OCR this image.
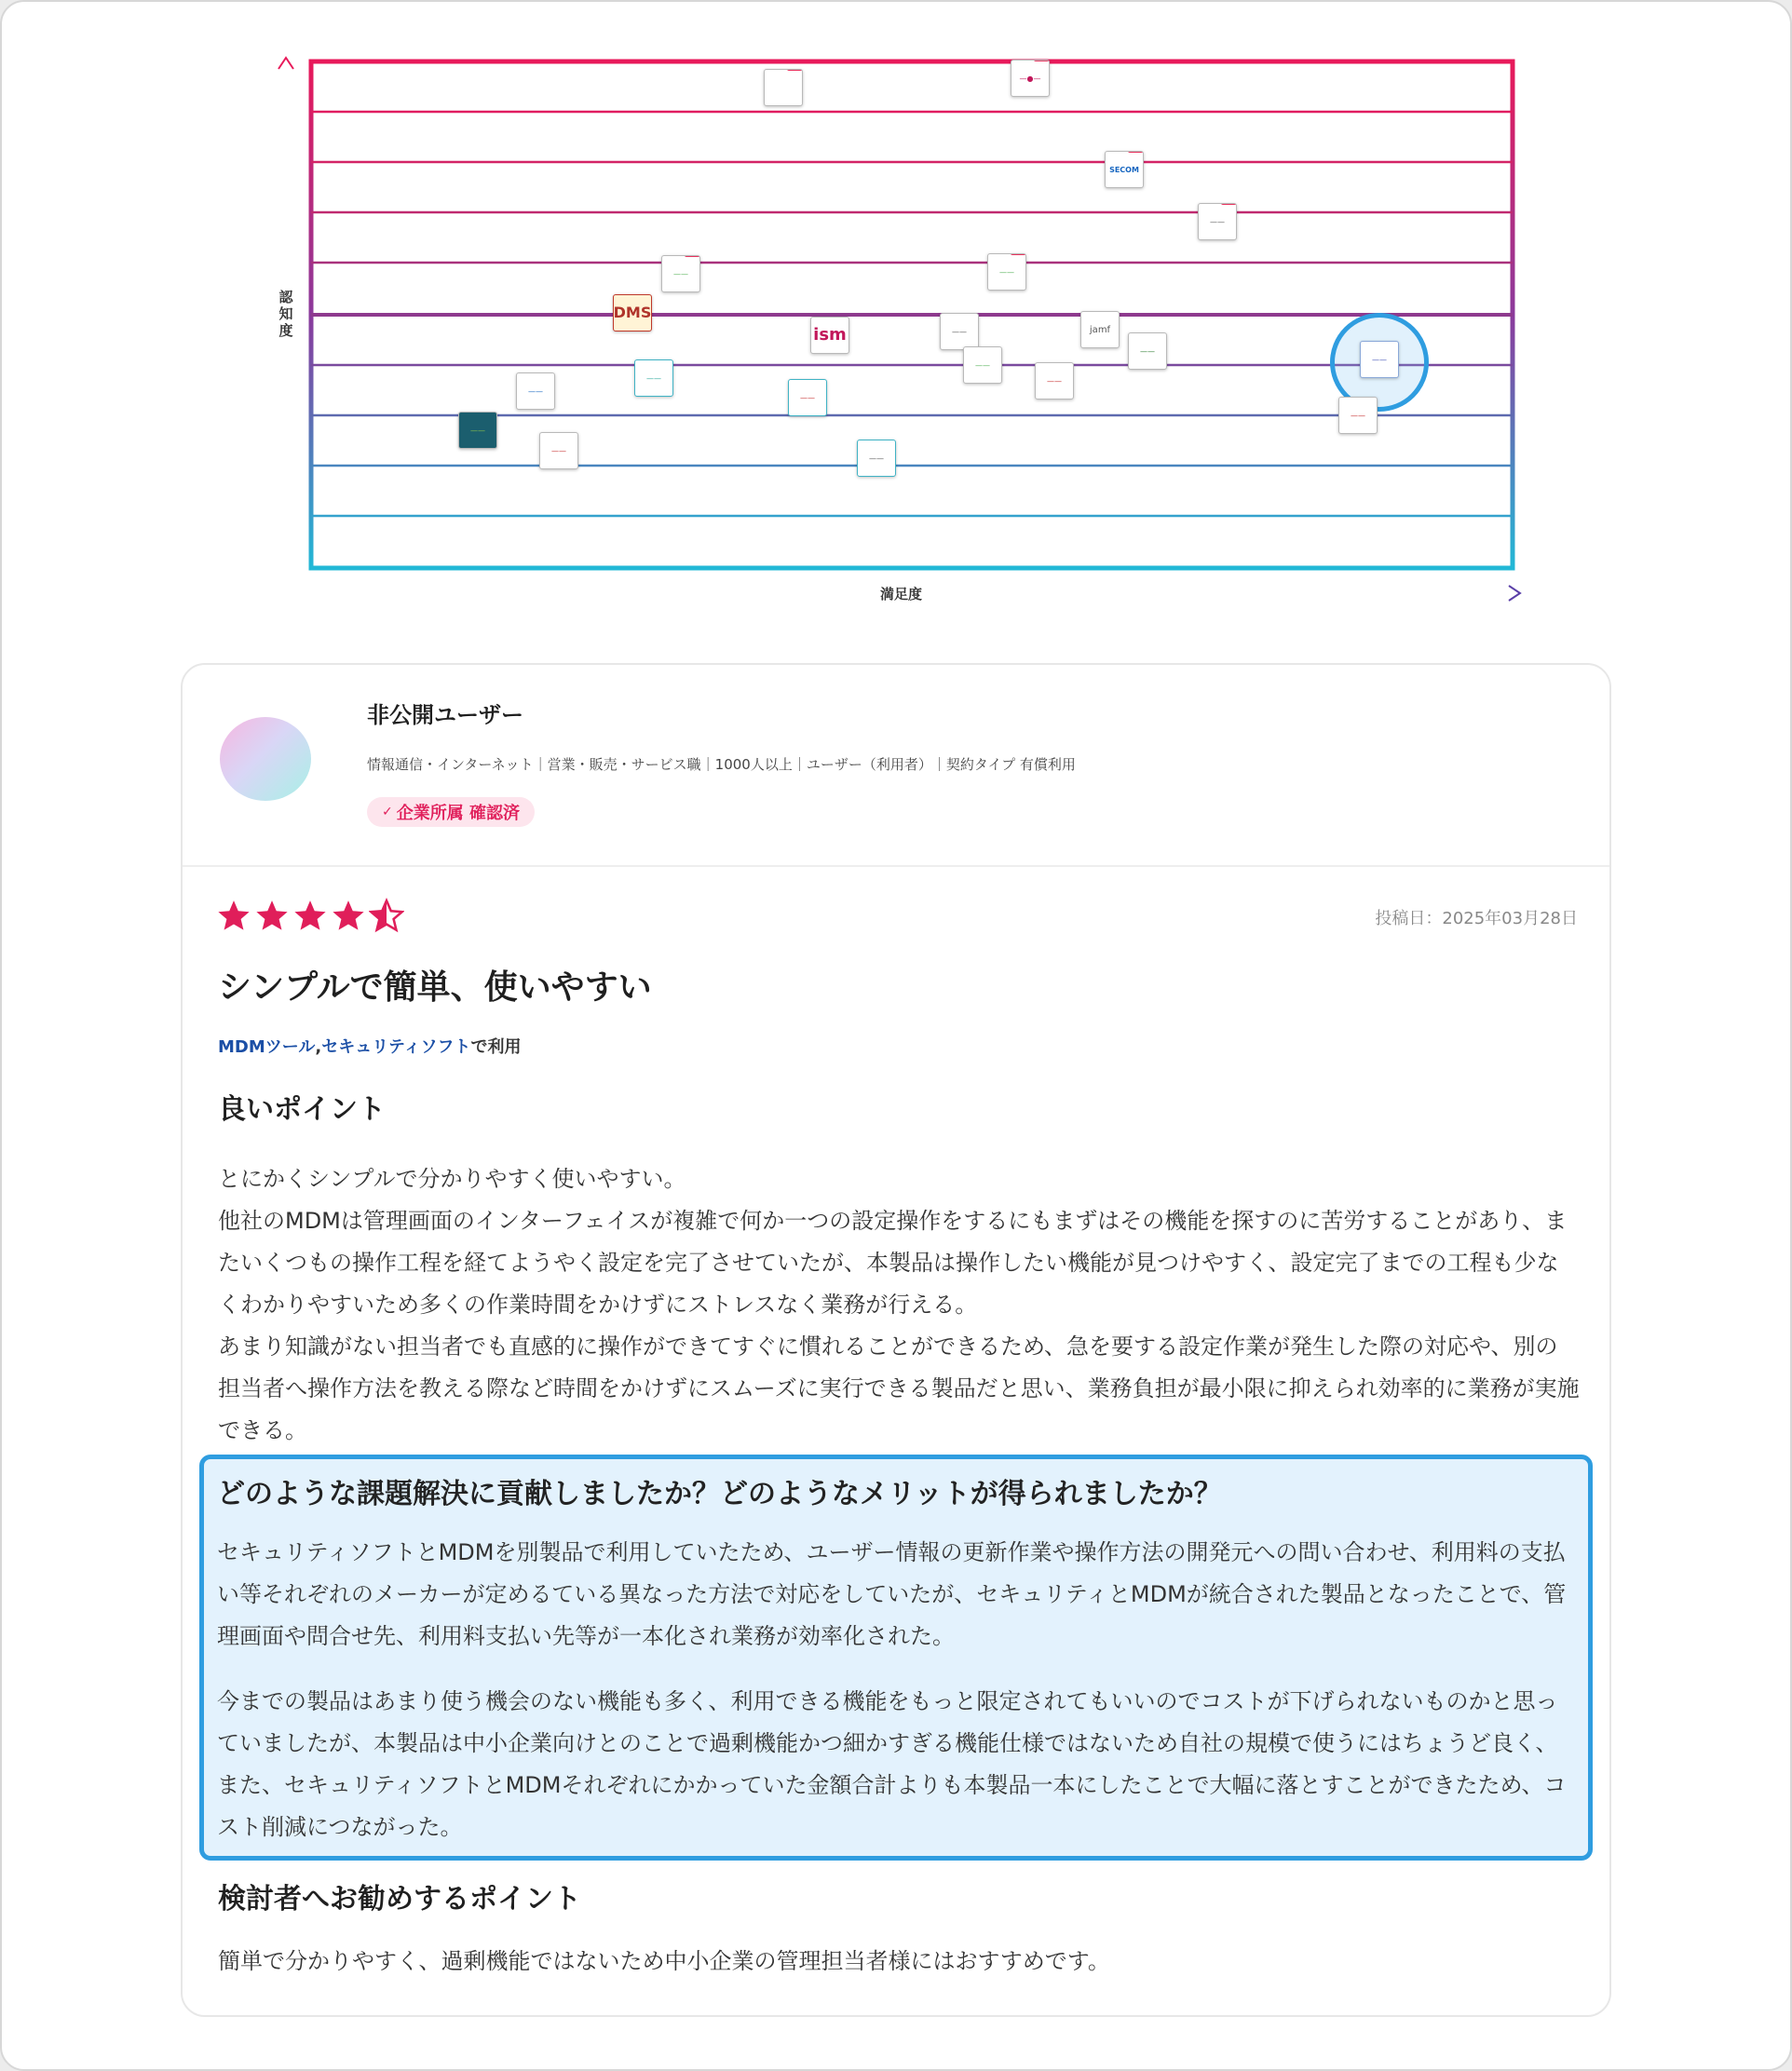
認知度
満足度
—●—
SECOM
——
——	——
DMS
ism	——	jamf
——
——
——
——
——
——
——
——
——
——
——
非公開ユーザー
情報通信・インターネット｜営業・販売・サービス職｜1000人以上｜ユーザー（利用者）｜契約タイプ 有償利用
✓ 企業所属 確認済
投稿日：2025年03月28日
シンプルで簡単、使いやすい
MDMツール,セキュリティソフトで利用
良いポイント
とにかくシンプルで分かりやすく使いやすい。
他社のMDMは管理画面のインターフェイスが複雑で何か一つの設定操作をするにもまずはその機能を探すのに苦労することがあり、またいくつもの操作工程を経てようやく設定を完了させていたが、本製品は操作したい機能が見つけやすく、設定完了までの工程も少なくわかりやすいため多くの作業時間をかけずにストレスなく業務が行える。
あまり知識がない担当者でも直感的に操作ができてすぐに慣れることができるため、急を要する設定作業が発生した際の対応や、別の担当者へ操作方法を教える際など時間をかけずにスムーズに実行できる製品だと思い、業務負担が最小限に抑えられ効率的に業務が実施できる。
どのような課題解決に貢献しましたか？どのようなメリットが得られましたか？
セキュリティソフトとMDMを別製品で利用していたため、ユーザー情報の更新作業や操作方法の開発元への問い合わせ、利用料の支払い等それぞれのメーカーが定めるている異なった方法で対応をしていたが、セキュリティとMDMが統合された製品となったことで、管理画面や問合せ先、利用料支払い先等が一本化され業務が効率化された。
今までの製品はあまり使う機会のない機能も多く、利用できる機能をもっと限定されてもいいのでコストが下げられないものかと思っていましたが、本製品は中小企業向けとのことで過剰機能かつ細かすぎる機能仕様ではないため自社の規模で使うにはちょうど良く、また、セキュリティソフトとMDMそれぞれにかかっていた金額合計よりも本製品一本にしたことで大幅に落とすことができたため、コスト削減につながった。
検討者へお勧めするポイント
簡単で分かりやすく、過剰機能ではないため中小企業の管理担当者様にはおすすめです。
